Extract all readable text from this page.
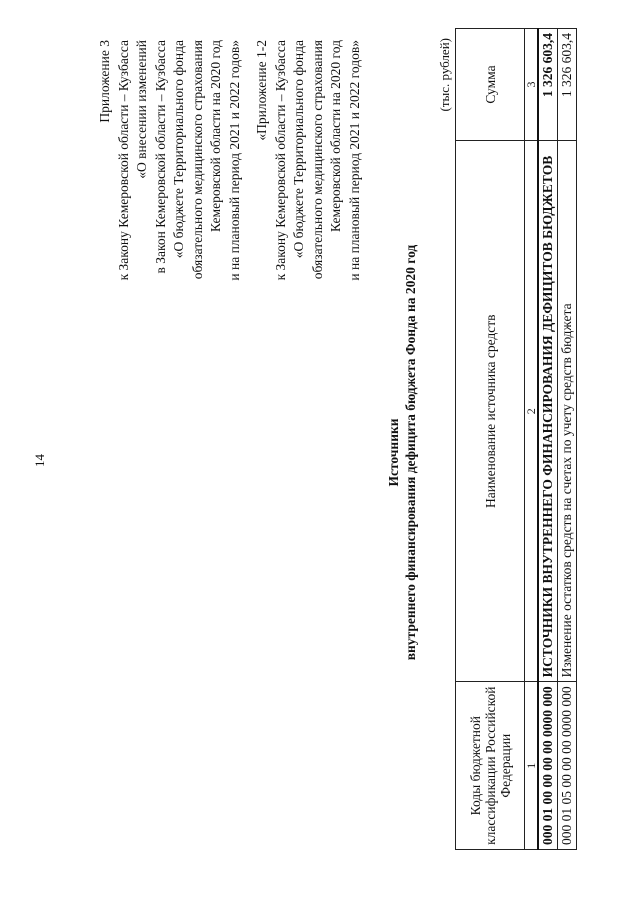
14
Приложение 3 к Закону Кемеровской области – Кузбасса «О внесении изменений в Закон Кемеровской области – Кузбасса «О бюджете Территориального фонда обязательного медицинского страхования Кемеровской области на 2020 год и на плановый период 2021 и 2022 годов» «Приложение 1-2 к Закону Кемеровской области – Кузбасса «О бюджете Территориального фонда обязательного медицинского страхования Кемеровской области на 2020 год и на плановый период 2021 и 2022 годов»
Источники внутреннего финансирования дефицита бюджета Фонда на 2020 год
(тыс. рублей)
Коды бюджетной классификации Российской Федерации	Наименование источника средств	Сумма
1	2	3
000 01 00 00 00 00 0000 000	ИСТОЧНИКИ ВНУТРЕННЕГО ФИНАНСИРОВАНИЯ ДЕФИЦИТОВ БЮДЖЕТОВ	1 326 603,4
000 01 05 00 00 00 0000 000	Изменение остатков средств на счетах по учету средств бюджета	1 326 603,4
